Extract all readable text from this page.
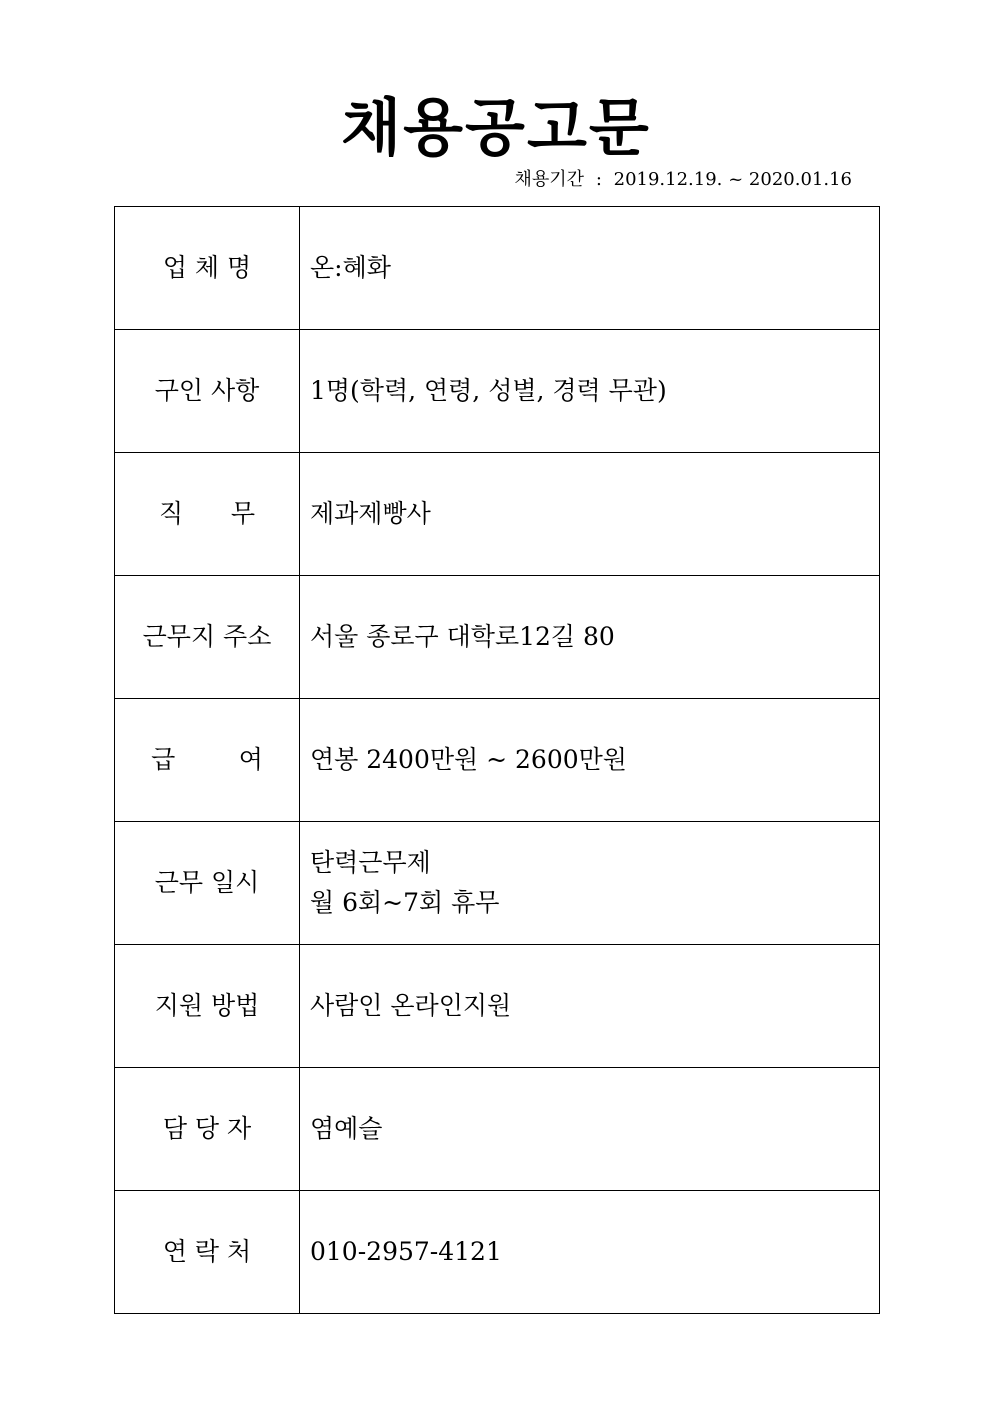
채용공고문
채용기간 : 2019.12.19. ~ 2020.01.16
업 체 명	온:혜화
구인 사항	1명(학력, 연령, 성별, 경력 무관)
직      무	제과제빵사
근무지 주소	서울 종로구 대학로12길 80
급        여	연봉 2400만원 ~ 2600만원
근무 일시	탄력근무제
월 6회~7회 휴무

지원 방법	사람인 온라인지원
담 당 자	염예슬
연 락 처	010-2957-4121
